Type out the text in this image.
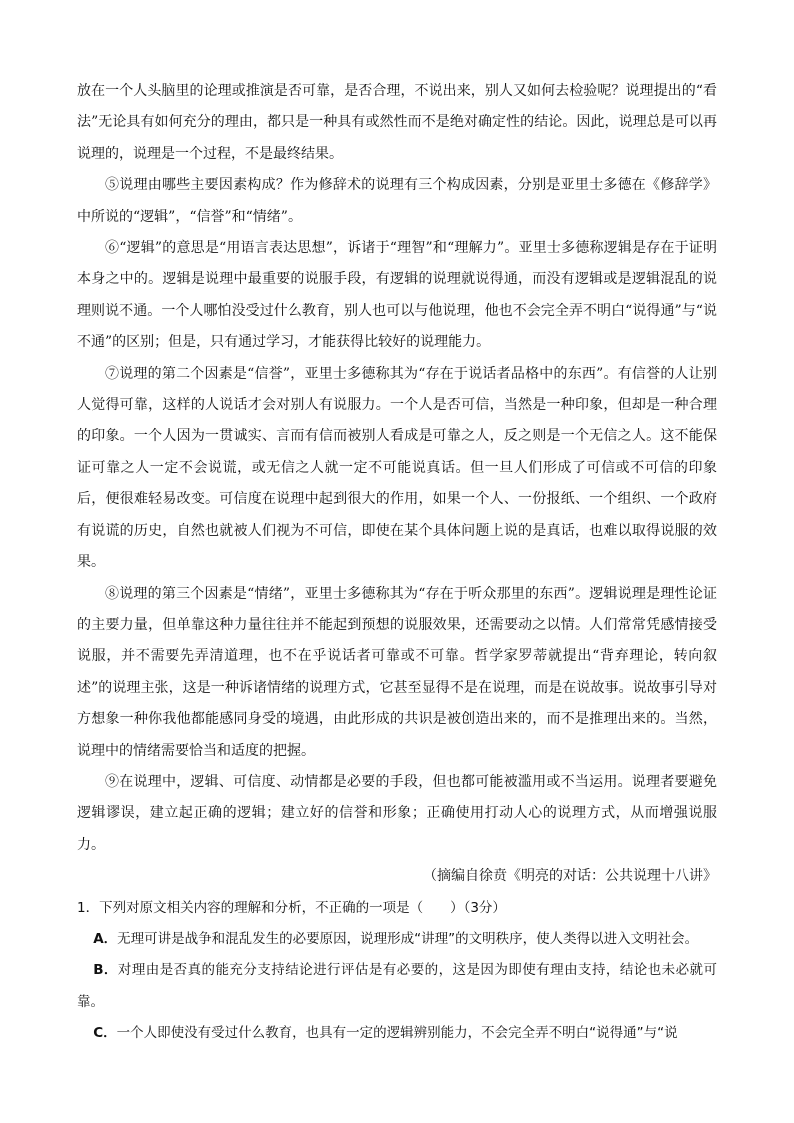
放在一个人头脑里的论理或推演是否可靠，是否合理，不说出来，别人又如何去检验呢？说理提出的“看法”无论具有如何充分的理由，都只是一种具有或然性而不是绝对确定性的结论。因此，说理总是可以再说理的，说理是一个过程，不是最终结果。

⑤说理由哪些主要因素构成？作为修辞术的说理有三个构成因素，分别是亚里士多德在《修辞学》中所说的“逻辑”，“信誉”和“情绪”。

⑥“逻辑”的意思是“用语言表达思想”，诉诸于“理智”和“理解力”。亚里士多德称逻辑是存在于证明本身之中的。逻辑是说理中最重要的说服手段，有逻辑的说理就说得通，而没有逻辑或是逻辑混乱的说理则说不通。一个人哪怕没受过什么教育，别人也可以与他说理，他也不会完全弄不明白“说得通”与“说不通”的区别；但是，只有通过学习，才能获得比较好的说理能力。

⑦说理的第二个因素是“信誉”，亚里士多德称其为“存在于说话者品格中的东西”。有信誉的人让别人觉得可靠，这样的人说话才会对别人有说服力。一个人是否可信，当然是一种印象，但却是一种合理的印象。一个人因为一贯诚实、言而有信而被别人看成是可靠之人，反之则是一个无信之人。这不能保证可靠之人一定不会说谎，或无信之人就一定不可能说真话。但一旦人们形成了可信或不可信的印象后，便很难轻易改变。可信度在说理中起到很大的作用，如果一个人、一份报纸、一个组织、一个政府有说谎的历史，自然也就被人们视为不可信，即使在某个具体问题上说的是真话，也难以取得说服的效果。

⑧说理的第三个因素是“情绪”，亚里士多德称其为“存在于听众那里的东西”。逻辑说理是理性论证的主要力量，但单靠这种力量往往并不能起到预想的说服效果，还需要动之以情。人们常常凭感情接受说服，并不需要先弄清道理，也不在乎说话者可靠或不可靠。哲学家罗蒂就提出“背弃理论，转向叙述”的说理主张，这是一种诉诸情绪的说理方式，它甚至显得不是在说理，而是在说故事。说故事引导对方想象一种你我他都能感同身受的境遇，由此形成的共识是被创造出来的，而不是推理出来的。当然，说理中的情绪需要恰当和适度的把握。

⑨在说理中，逻辑、可信度、动情都是必要的手段，但也都可能被滥用或不当运用。说理者要避免逻辑谬误，建立起正确的逻辑；建立好的信誉和形象；正确使用打动人心的说理方式，从而增强说服力。

（摘编自徐贲《明亮的对话：公共说理十八讲》

1．下列对原文相关内容的理解和分析，不正确的一项是（　　）（3分）

A．无理可讲是战争和混乱发生的必要原因，说理形成“讲理”的文明秩序，使人类得以进入文明社会。

B．对理由是否真的能充分支持结论进行评估是有必要的，这是因为即使有理由支持，结论也未必就可靠。

C．一个人即使没有受过什么教育，也具有一定的逻辑辨别能力，不会完全弄不明白“说得通”与“说
